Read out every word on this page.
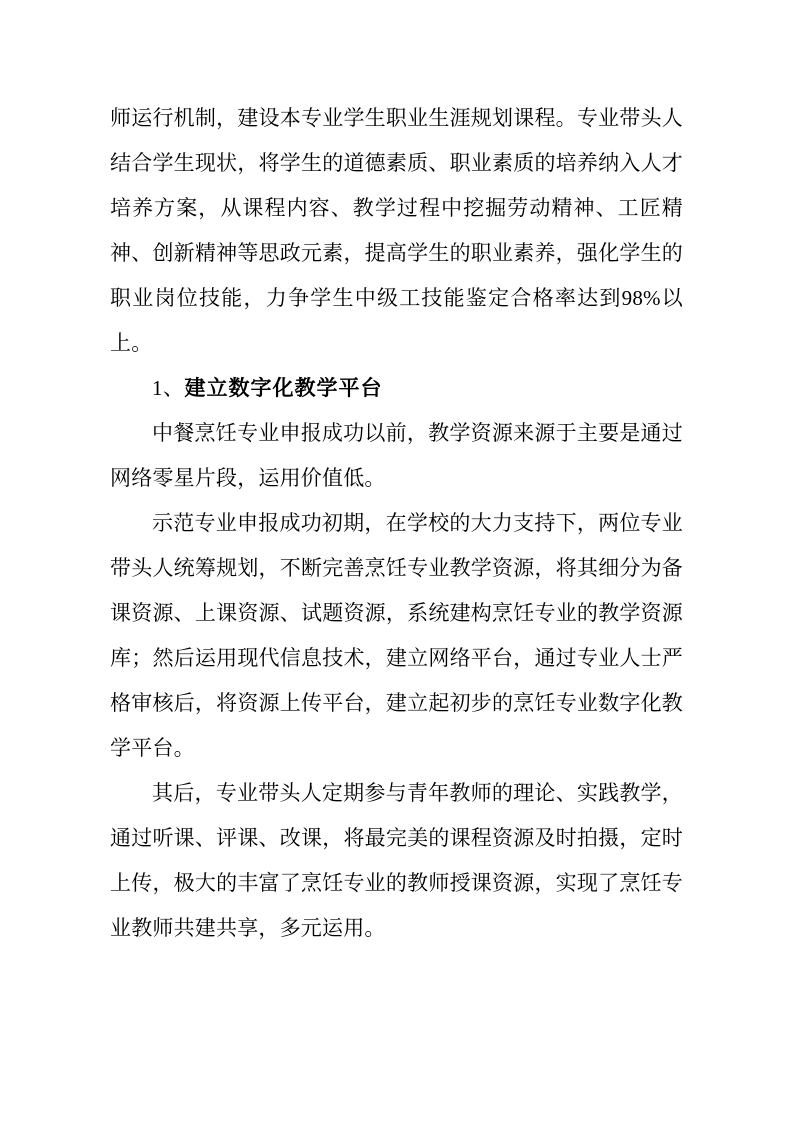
师运行机制，建设本专业学生职业生涯规划课程。专业带头人结合学生现状，将学生的道德素质、职业素质的培养纳入人才培养方案，从课程内容、教学过程中挖掘劳动精神、工匠精神、创新精神等思政元素，提高学生的职业素养，强化学生的职业岗位技能，力争学生中级工技能鉴定合格率达到98%以上。

1、建立数字化教学平台

中餐烹饪专业申报成功以前，教学资源来源于主要是通过网络零星片段，运用价值低。

示范专业申报成功初期，在学校的大力支持下，两位专业带头人统筹规划，不断完善烹饪专业教学资源，将其细分为备课资源、上课资源、试题资源，系统建构烹饪专业的教学资源库；然后运用现代信息技术，建立网络平台，通过专业人士严格审核后，将资源上传平台，建立起初步的烹饪专业数字化教学平台。

其后，专业带头人定期参与青年教师的理论、实践教学，通过听课、评课、改课，将最完美的课程资源及时拍摄，定时上传，极大的丰富了烹饪专业的教师授课资源，实现了烹饪专业教师共建共享，多元运用。
